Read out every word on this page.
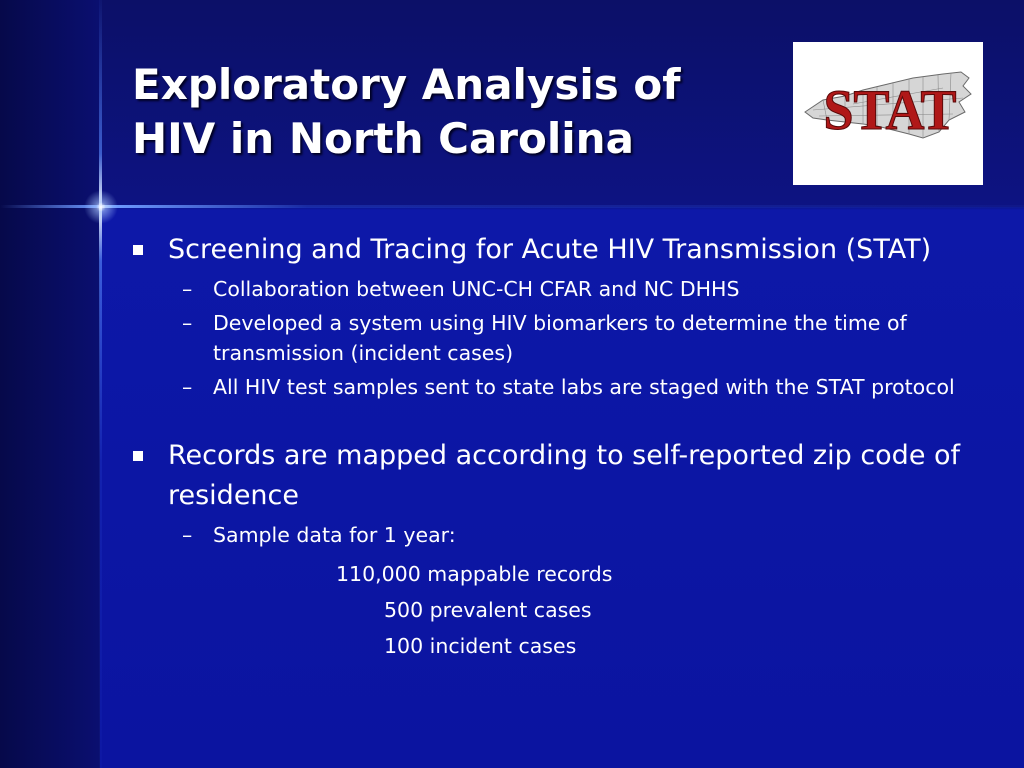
Exploratory Analysis of
HIV in North Carolina	STAT
Screening and Tracing for Acute HIV Transmission (STAT)
– Collaboration between UNC-CH CFAR and NC DHHS
– Developed a system using HIV biomarkers to determine the time of transmission (incident cases)
– All HIV test samples sent to state labs are staged with the STAT protocol
Records are mapped according to self-reported zip code of residence
– Sample data for 1 year:
110,000 mappable records
500 prevalent cases
100 incident cases
